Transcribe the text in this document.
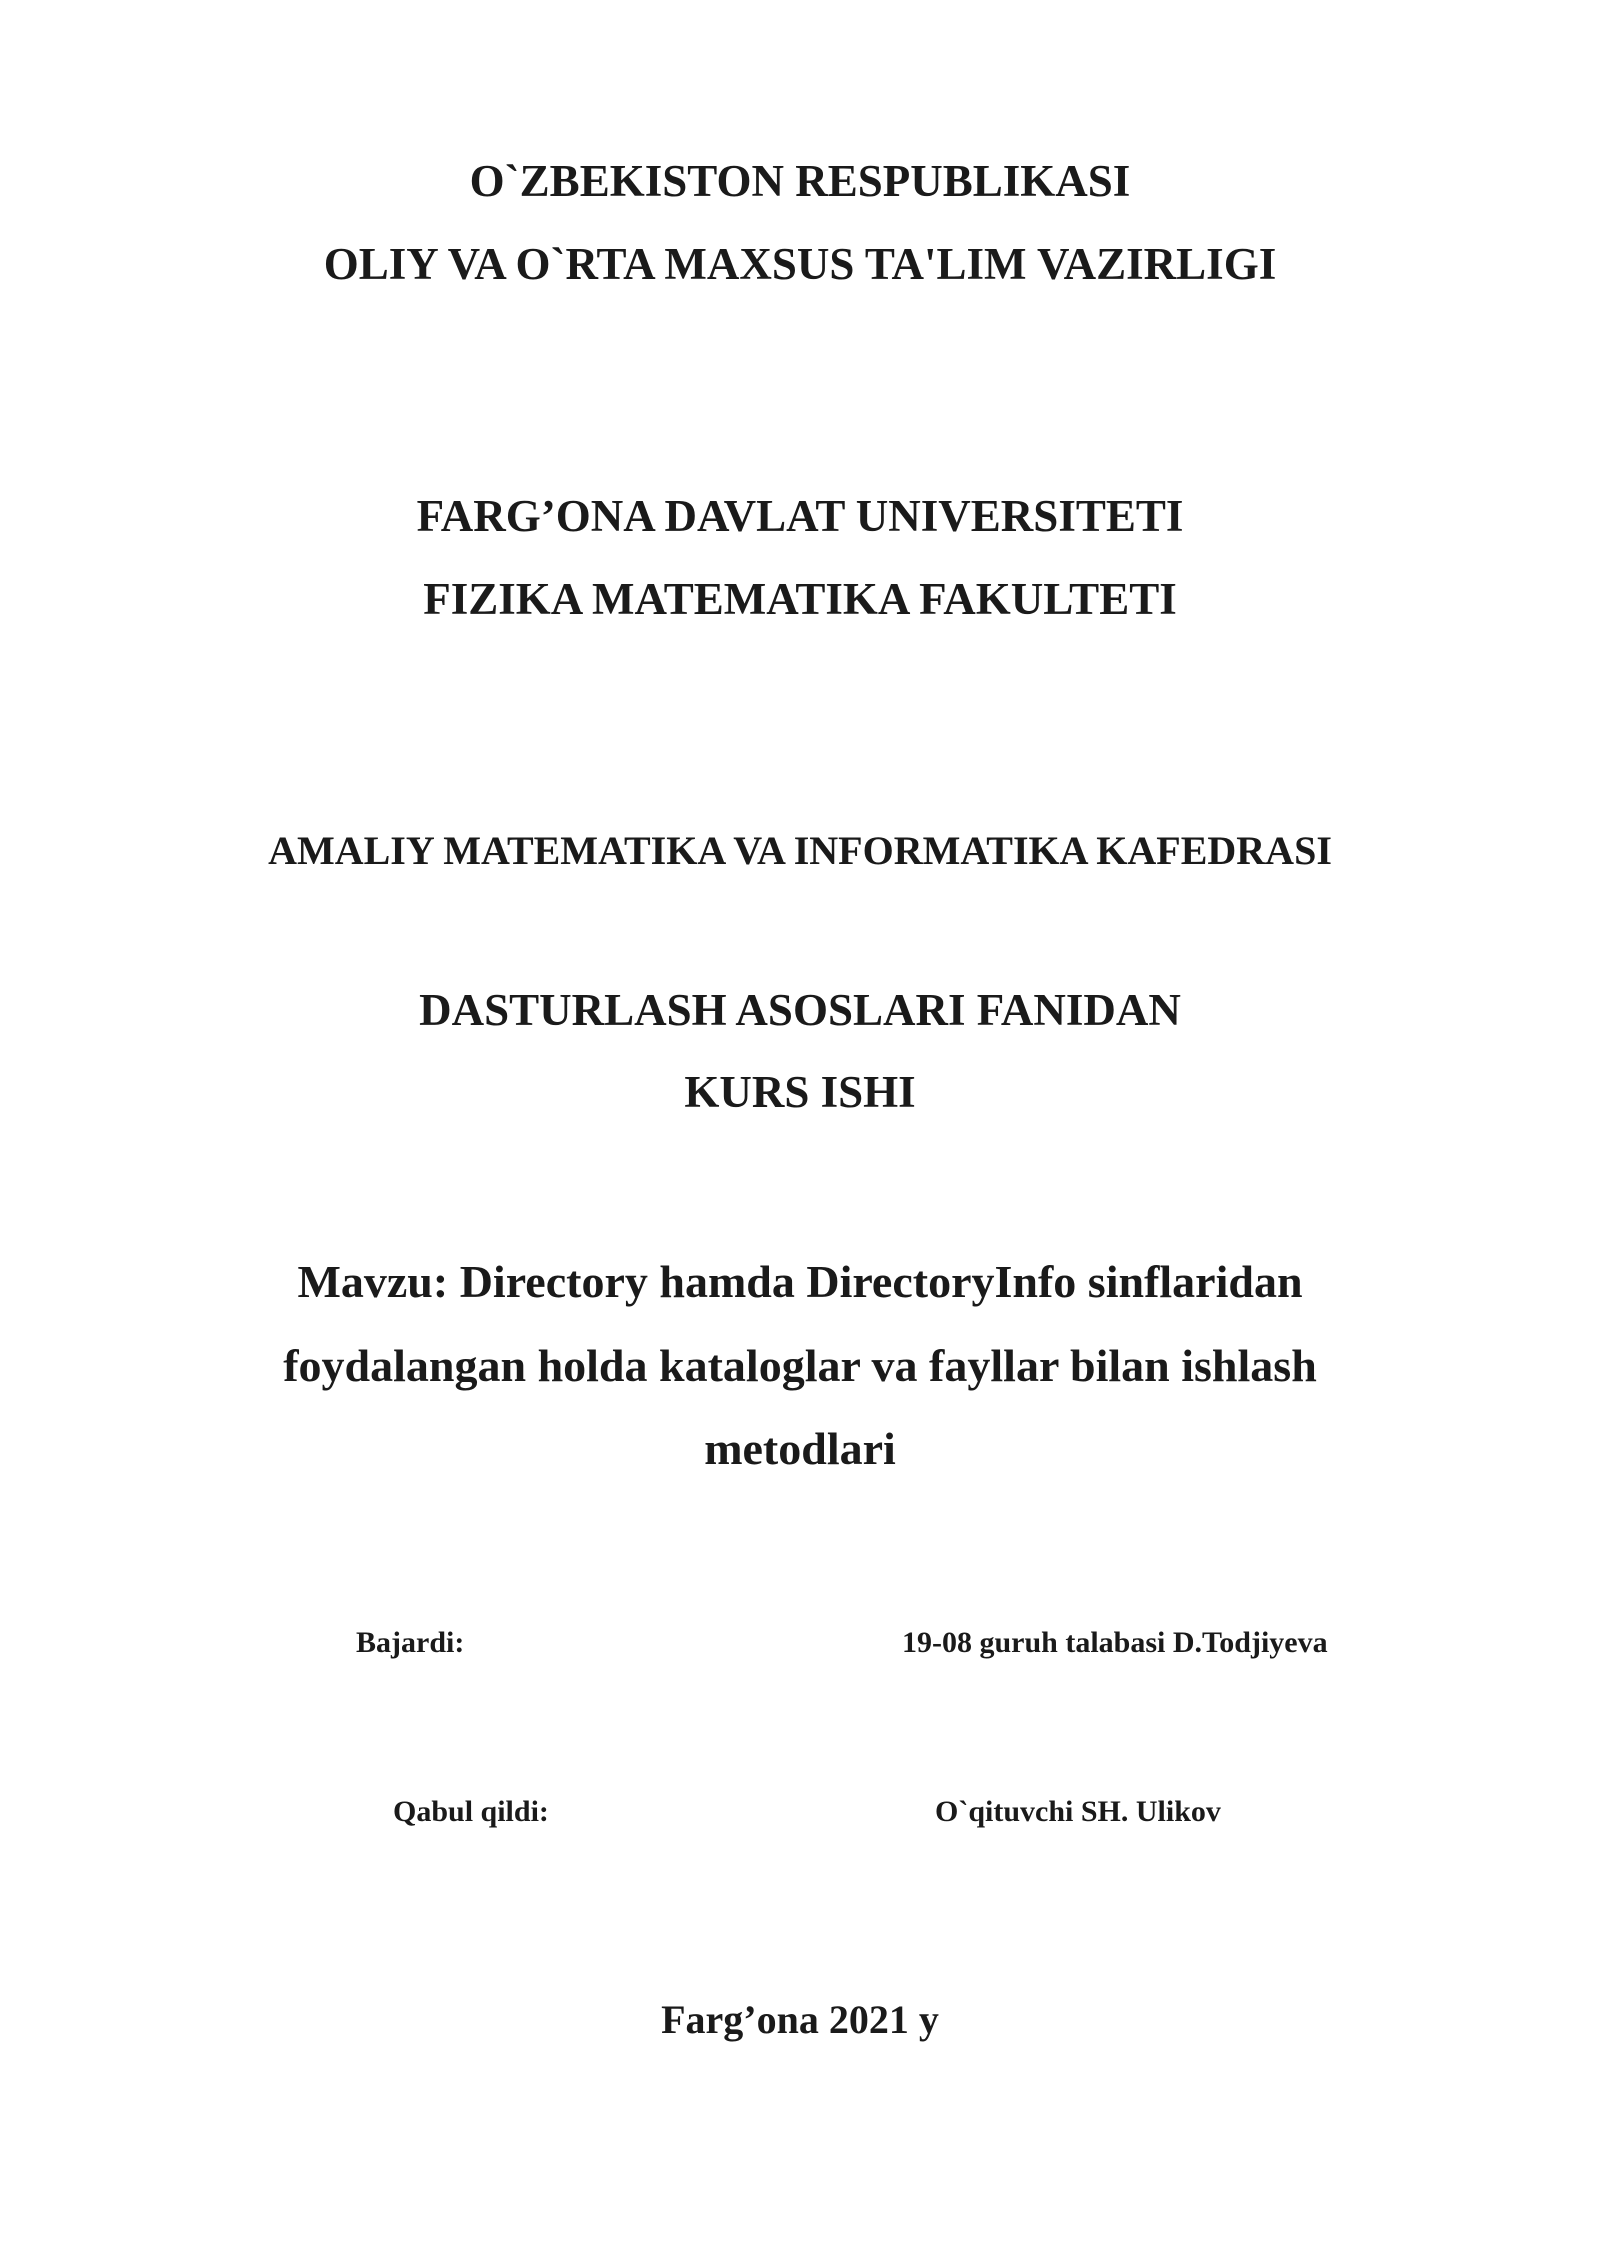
O`ZBEKISTON RESPUBLIKASI
OLIY VA O`RTA MAXSUS TA'LIM VAZIRLIGI
FARG’ONA DAVLAT UNIVERSITETI
FIZIKA MATEMATIKA FAKULTETI
AMALIY MATEMATIKA VA INFORMATIKA KAFEDRASI
DASTURLASH ASOSLARI FANIDAN
KURS ISHI
Mavzu: Directory hamda DirectoryInfo sinflaridan
foydalangan holda kataloglar va fayllar bilan ishlash
metodlari
Bajardi:	19-08 guruh talabasi D.Todjiyeva
Qabul qildi:	O`qituvchi SH. Ulikov
Farg’ona 2021 y
